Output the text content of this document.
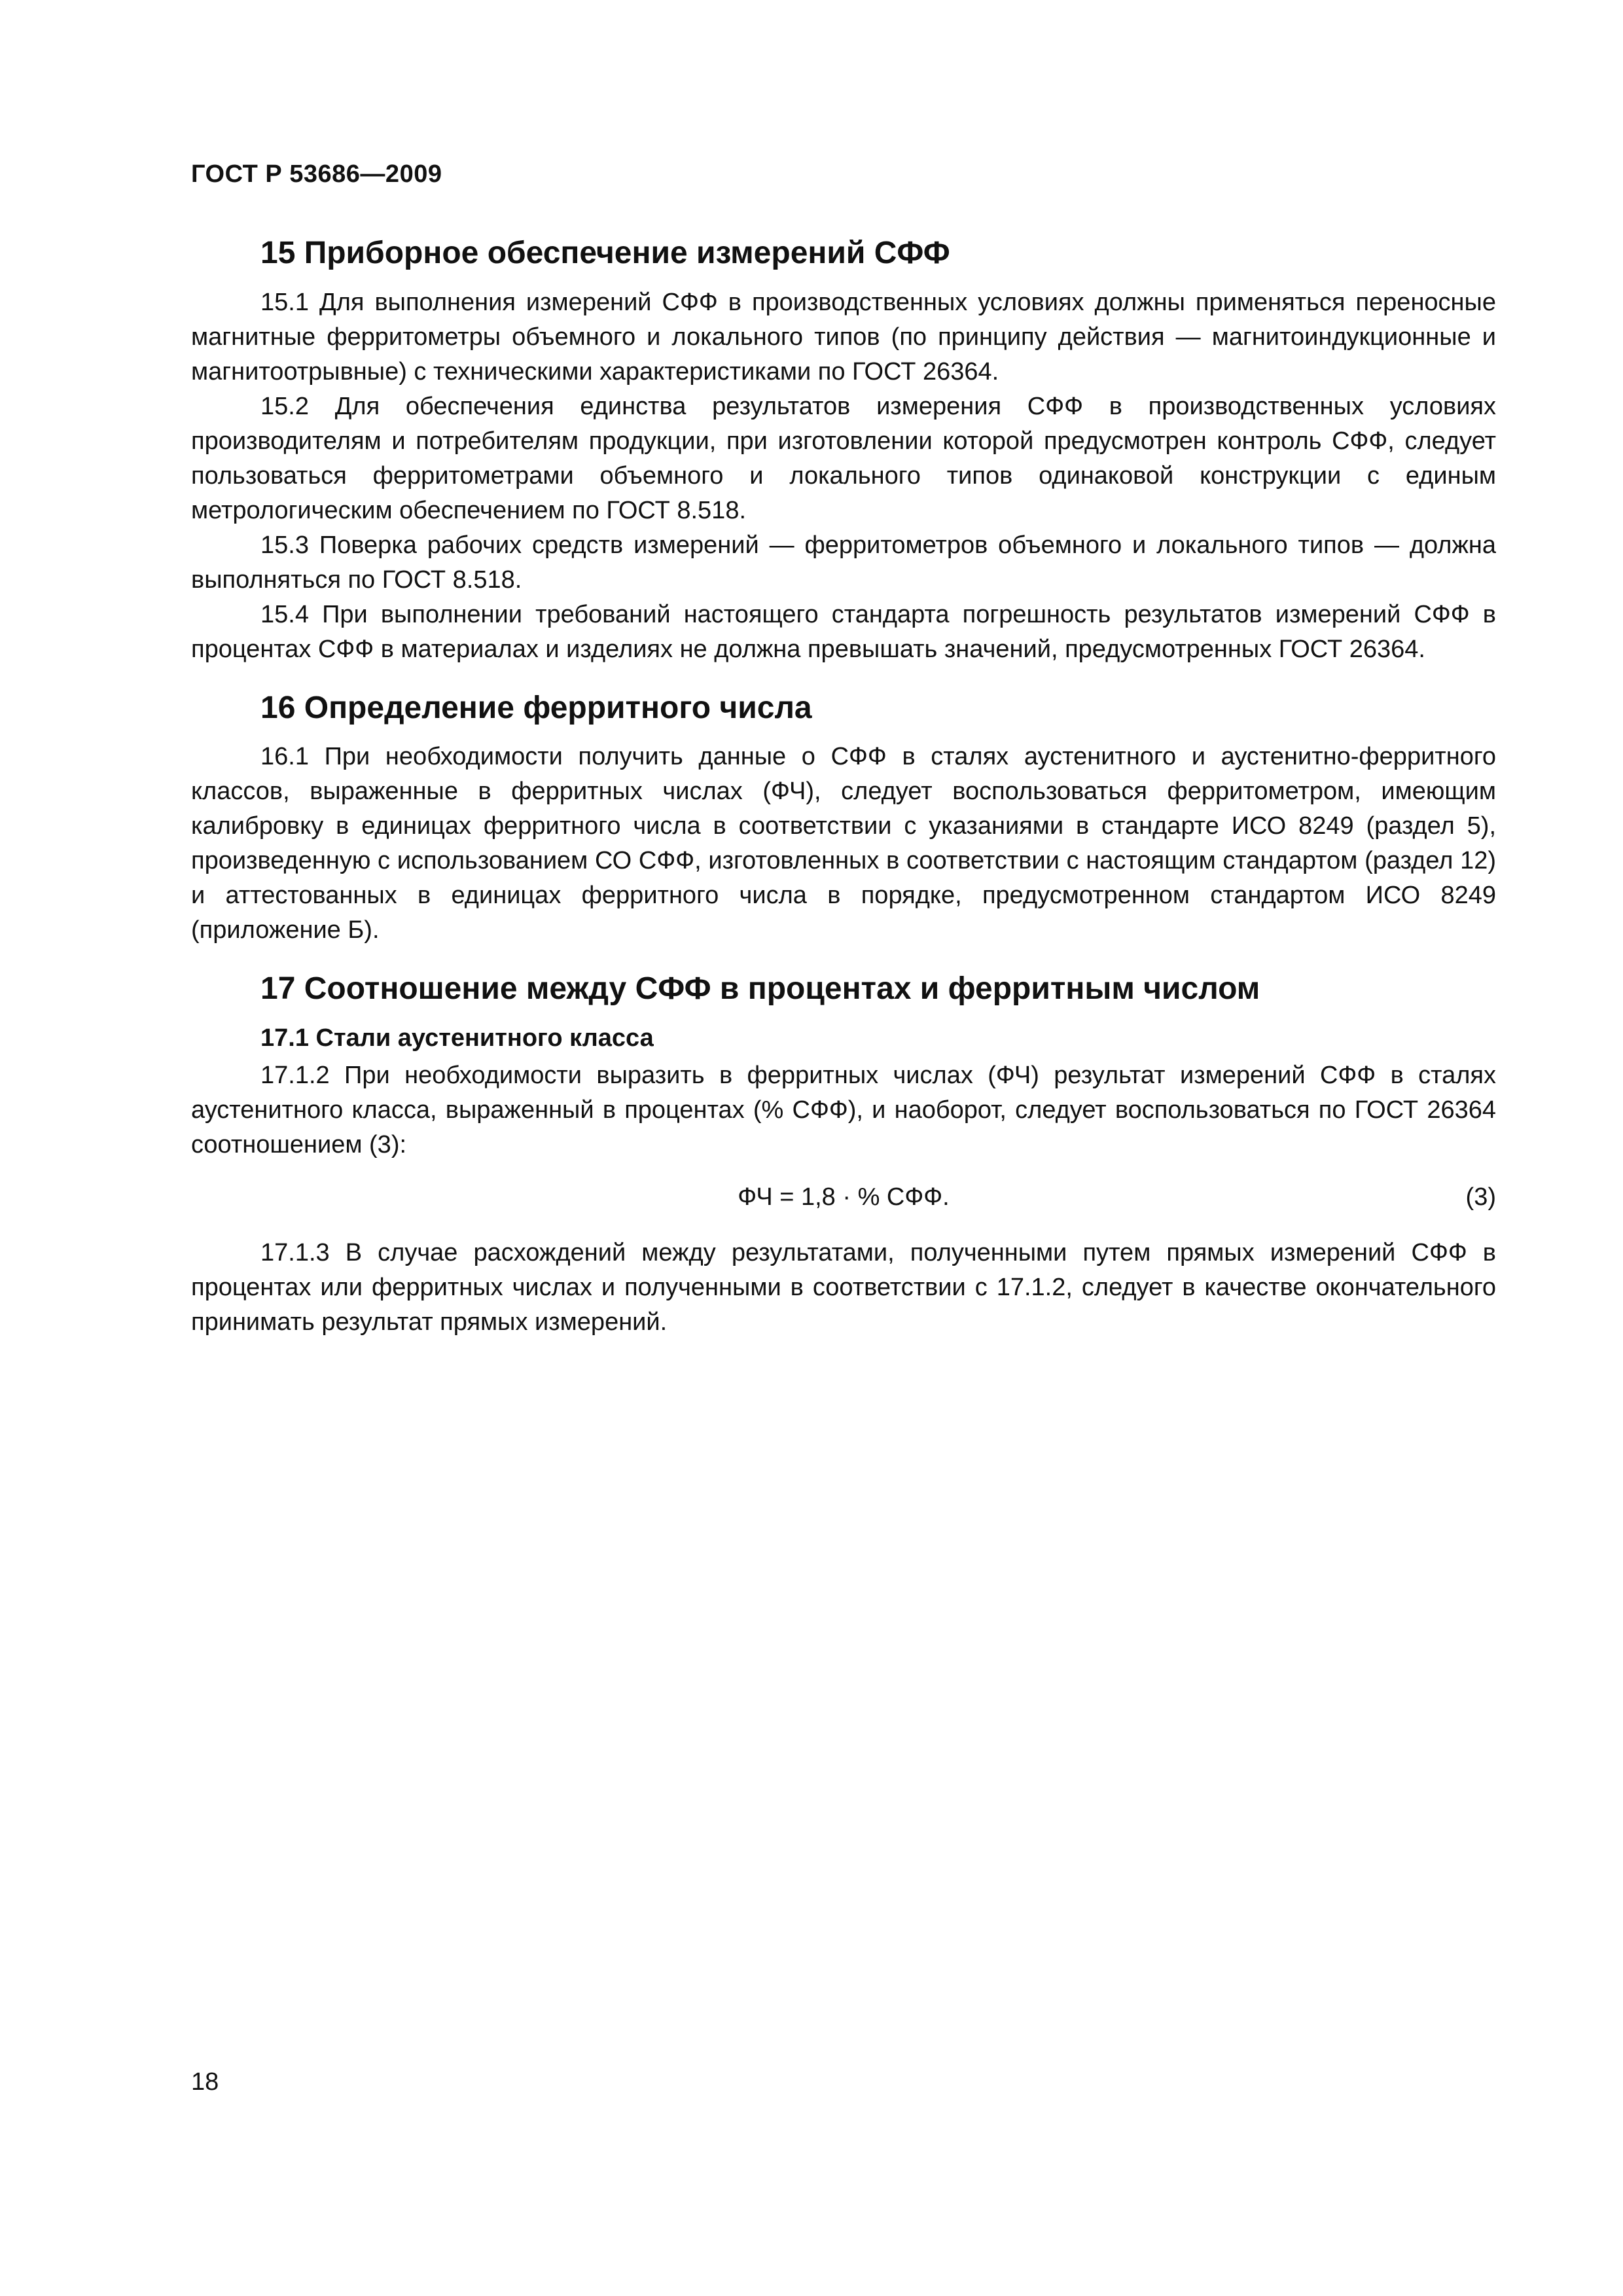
ГОСТ Р 53686—2009
15 Приборное обеспечение измерений СФФ

15.1 Для выполнения измерений СФФ в производственных условиях должны применяться переносные магнитные ферритометры объемного и локального типов (по принципу действия — магнитоиндукционные и магнитоотрывные) с техническими характеристиками по ГОСТ 26364.

15.2 Для обеспечения единства результатов измерения СФФ в производственных условиях производителям и потребителям продукции, при изготовлении которой предусмотрен контроль СФФ, следует пользоваться ферритометрами объемного и локального типов одинаковой конструкции с единым метрологическим обеспечением по ГОСТ 8.518.

15.3 Поверка рабочих средств измерений — ферритометров объемного и локального типов — должна выполняться по ГОСТ 8.518.

15.4 При выполнении требований настоящего стандарта погрешность результатов измерений СФФ в процентах СФФ в материалах и изделиях не должна превышать значений, предусмотренных ГОСТ 26364.

16 Определение ферритного числа

16.1 При необходимости получить данные о СФФ в сталях аустенитного и аустенитно-ферритного классов, выраженные в ферритных числах (ФЧ), следует воспользоваться ферритометром, имеющим калибровку в единицах ферритного числа в соответствии с указаниями в стандарте ИСО 8249 (раздел 5), произведенную с использованием СО СФФ, изготовленных в соответствии с настоящим стандартом (раздел 12) и аттестованных в единицах ферритного числа в порядке, предусмотренном стандартом ИСО 8249 (приложение Б).

17 Соотношение между СФФ в процентах и ферритным числом
17.1 Стали аустенитного класса

17.1.2 При необходимости выразить в ферритных числах (ФЧ) результат измерений СФФ в сталях аустенитного класса, выраженный в процентах (% СФФ), и наоборот, следует воспользоваться по ГОСТ 26364 соотношением (3):

ФЧ = 1,8 · % СФФ.	(3)

17.1.3 В случае расхождений между результатами, полученными путем прямых измерений СФФ в процентах или ферритных числах и полученными в соответствии с 17.1.2, следует в качестве окончательного принимать результат прямых измерений.

18
